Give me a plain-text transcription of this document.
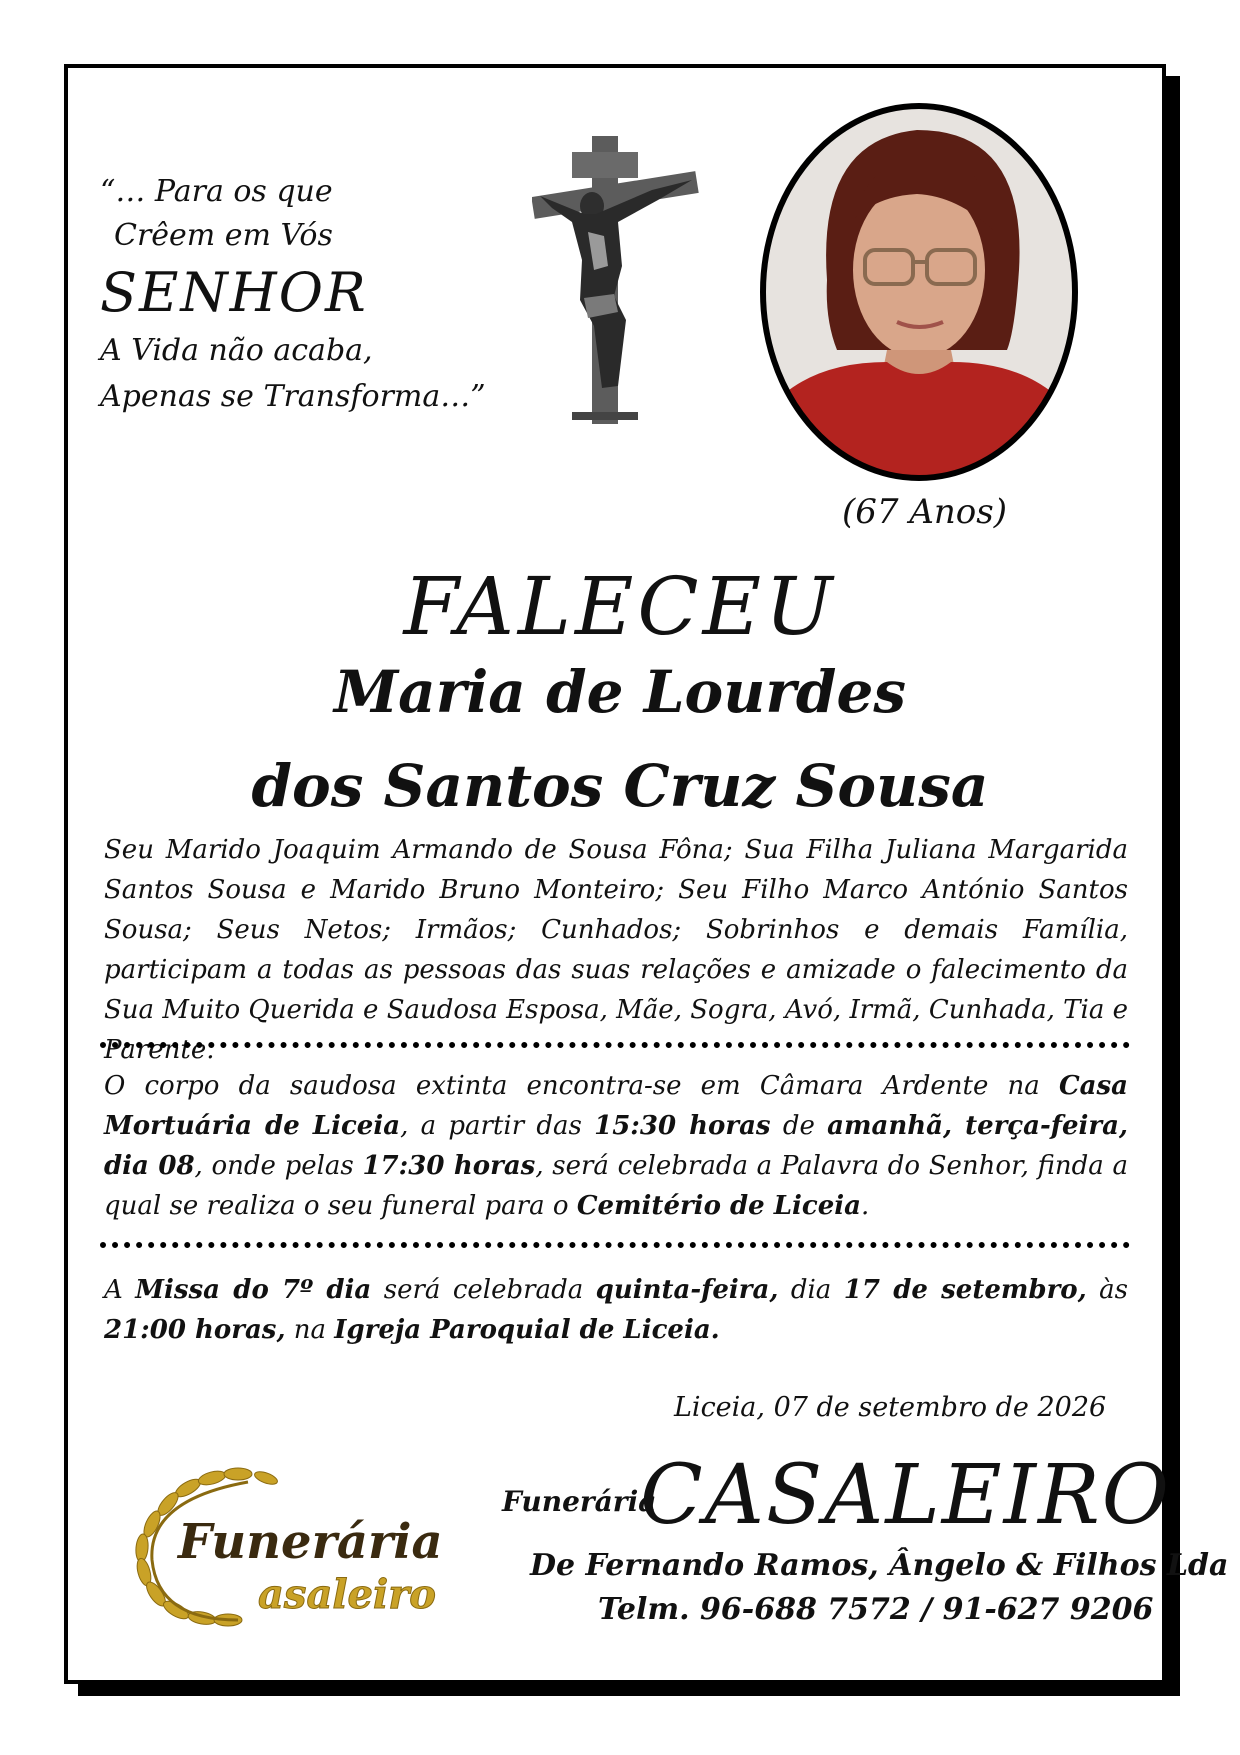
“… Para os que
Crêem em Vós
SENHOR
A Vida não acaba,
Apenas se Transforma…”
(67 Anos)
FALECEU
Maria de Lourdes
dos Santos Cruz Sousa
Seu Marido Joaquim Armando de Sousa Fôna; Sua Filha Juliana Margarida Santos Sousa e Marido Bruno Monteiro; Seu Filho Marco António Santos Sousa; Seus Netos; Irmãos; Cunhados; Sobrinhos e demais Família, participam a todas as pessoas das suas relações e amizade o falecimento da Sua Muito Querida e Saudosa Esposa, Mãe, Sogra, Avó, Irmã, Cunhada, Tia e Parente.
O corpo da saudosa extinta encontra-se em Câmara Ardente na Casa Mortuária de Liceia, a partir das 15:30 horas de amanhã, terça-feira, dia 08, onde pelas 17:30 horas, será celebrada a Palavra do Senhor, finda a qual se realiza o seu funeral para o Cemitério de Liceia.
A Missa do 7º dia será celebrada quinta-feira, dia 17 de setembro, às 21:00 horas, na Igreja Paroquial de Liceia.
Liceia, 07 de setembro de 2026
Funerária
asaleiro
Funerária
CASALEIRO
De Fernando Ramos, Ângelo & Filhos Lda
Telm. 96-688 7572 / 91-627 9206
